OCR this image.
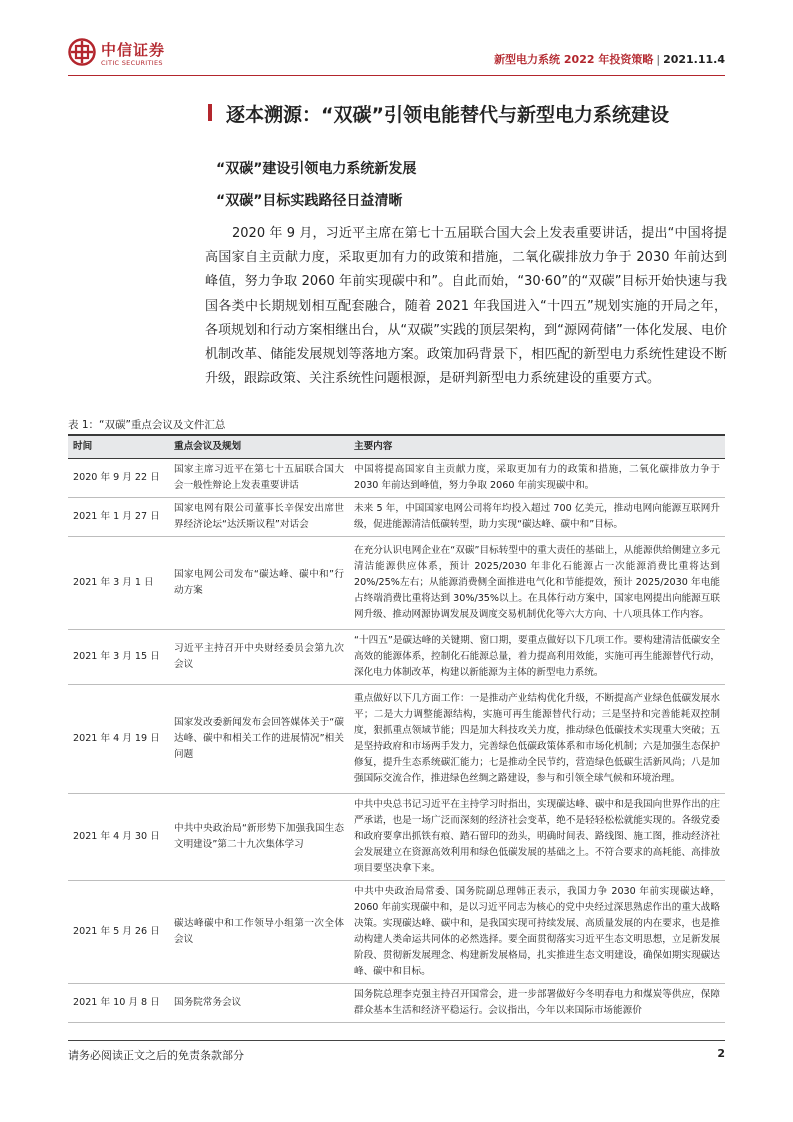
中信证券
CITIC SECURITIES	新型电力系统 2022 年投资策略 | 2021.11.4
逐本溯源：“双碳”引领电能替代与新型电力系统建设
“双碳”建设引领电力系统新发展
“双碳”目标实践路径日益清晰
2020 年 9 月，习近平主席在第七十五届联合国大会上发表重要讲话，提出“中国将提高国家自主贡献力度，采取更加有力的政策和措施，二氧化碳排放力争于 2030 年前达到峰值，努力争取 2060 年前实现碳中和”。自此而始，“30·60”的“双碳”目标开始快速与我国各类中长期规划相互配套融合，随着 2021 年我国进入“十四五”规划实施的开局之年，各项规划和行动方案相继出台，从“双碳”实践的顶层架构，到“源网荷储”一体化发展、电价机制改革、储能发展规划等落地方案。政策加码背景下，相匹配的新型电力系统性建设不断升级，跟踪政策、关注系统性问题根源，是研判新型电力系统建设的重要方式。
表 1：“双碳”重点会议及文件汇总
时间	重点会议及规划	主要内容
2020 年 9 月 22 日	国家主席习近平在第七十五届联合国大会一般性辩论上发表重要讲话	中国将提高国家自主贡献力度，采取更加有力的政策和措施，二氧化碳排放力争于 2030 年前达到峰值，努力争取 2060 年前实现碳中和。
2021 年 1 月 27 日	国家电网有限公司董事长辛保安出席世界经济论坛“达沃斯议程”对话会	未来 5 年，中国国家电网公司将年均投入超过 700 亿美元，推动电网向能源互联网升级，促进能源清洁低碳转型，助力实现“碳达峰、碳中和”目标。
2021 年 3 月 1 日	国家电网公司发布“碳达峰、碳中和”行动方案	在充分认识电网企业在“双碳”目标转型中的重大责任的基础上，从能源供给侧建立多元清洁能源供应体系，预计 2025/2030 年非化石能源占一次能源消费比重将达到 20%/25%左右；从能源消费侧全面推进电气化和节能提效，预计 2025/2030 年电能占终端消费比重将达到 30%/35%以上。在具体行动方案中，国家电网提出向能源互联网升级、推动网源协调发展及调度交易机制优化等六大方向、十八项具体工作内容。
2021 年 3 月 15 日	习近平主持召开中央财经委员会第九次会议	“十四五”是碳达峰的关键期、窗口期，要重点做好以下几项工作。要构建清洁低碳安全高效的能源体系，控制化石能源总量，着力提高利用效能，实施可再生能源替代行动，深化电力体制改革，构建以新能源为主体的新型电力系统。
2021 年 4 月 19 日	国家发改委新闻发布会回答媒体关于“碳达峰、碳中和相关工作的进展情况”相关问题	重点做好以下几方面工作：一是推动产业结构优化升级，不断提高产业绿色低碳发展水平；二是大力调整能源结构，实施可再生能源替代行动；三是坚持和完善能耗双控制度，狠抓重点领域节能；四是加大科技攻关力度，推动绿色低碳技术实现重大突破；五是坚持政府和市场两手发力，完善绿色低碳政策体系和市场化机制；六是加强生态保护修复，提升生态系统碳汇能力；七是推动全民节约，营造绿色低碳生活新风尚；八是加强国际交流合作，推进绿色丝绸之路建设，参与和引领全球气候和环境治理。
2021 年 4 月 30 日	中共中央政治局“新形势下加强我国生态文明建设”第二十九次集体学习	中共中央总书记习近平在主持学习时指出，实现碳达峰、碳中和是我国向世界作出的庄严承诺，也是一场广泛而深刻的经济社会变革，绝不是轻轻松松就能实现的。各级党委和政府要拿出抓铁有痕、踏石留印的劲头，明确时间表、路线图、施工图，推动经济社会发展建立在资源高效利用和绿色低碳发展的基础之上。不符合要求的高耗能、高排放项目要坚决拿下来。
2021 年 5 月 26 日	碳达峰碳中和工作领导小组第一次全体会议	中共中央政治局常委、国务院副总理韩正表示，我国力争 2030 年前实现碳达峰，2060 年前实现碳中和，是以习近平同志为核心的党中央经过深思熟虑作出的重大战略决策。实现碳达峰、碳中和，是我国实现可持续发展、高质量发展的内在要求，也是推动构建人类命运共同体的必然选择。要全面贯彻落实习近平生态文明思想，立足新发展阶段、贯彻新发展理念、构建新发展格局，扎实推进生态文明建设，确保如期实现碳达峰、碳中和目标。
2021 年 10 月 8 日	国务院常务会议	国务院总理李克强主持召开国常会，进一步部署做好今冬明春电力和煤炭等供应，保障群众基本生活和经济平稳运行。会议指出，今年以来国际市场能源价
请务必阅读正文之后的免责条款部分	2
